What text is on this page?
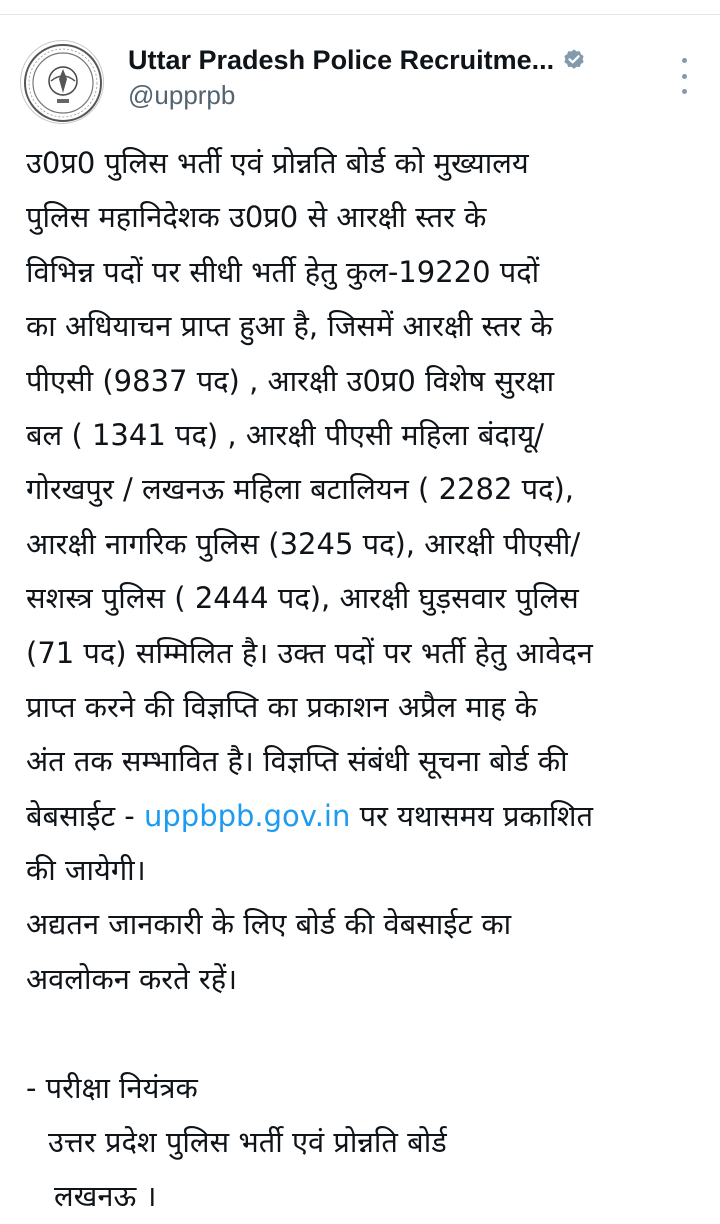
Uttar Pradesh Police Recruitme...
@upprpb
उ0प्र0 पुलिस भर्ती एवं प्रोन्नति बोर्ड को मुख्यालय
पुलिस महानिदेशक उ0प्र0 से आरक्षी स्तर के
विभिन्न पदों पर सीधी भर्ती हेतु कुल-19220 पदों
का अधियाचन प्राप्त हुआ है, जिसमें आरक्षी स्तर के
पीएसी (9837 पद) , आरक्षी उ0प्र0 विशेष सुरक्षा
बल ( 1341 पद) , आरक्षी पीएसी महिला बंदायू/
गोरखपुर / लखनऊ महिला बटालियन ( 2282 पद),
आरक्षी नागरिक पुलिस (3245 पद), आरक्षी पीएसी/
सशस्त्र पुलिस ( 2444 पद), आरक्षी घुड़सवार पुलिस
(71 पद) सम्मिलित है। उक्त पदों पर भर्ती हेतु आवेदन
प्राप्त करने की विज्ञप्ति का प्रकाशन अप्रैल माह के
अंत तक सम्भावित है। विज्ञप्ति संबंधी सूचना बोर्ड की
बेबसाईट - uppbpb.gov.in पर यथासमय प्रकाशित
की जायेगी।
अद्यतन जानकारी के लिए बोर्ड की वेबसाईट का
अवलोकन करते रहें।
- परीक्षा नियंत्रक
उत्तर प्रदेश पुलिस भर्ती एवं प्रोन्नति बोर्ड
लखनऊ ।
